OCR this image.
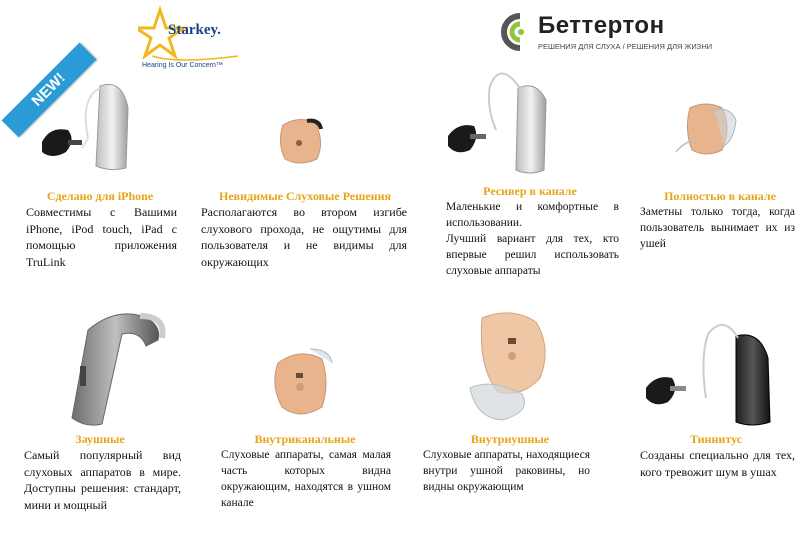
Starkey.
Hearing Is Our Concern™
Беттертон
РЕШЕНИЯ ДЛЯ СЛУХА / РЕШЕНИЯ ДЛЯ ЖИЗНИ
NEW!
Сделано для iPhone
Совместимы с Вашими iPhone, iPod touch, iPad с помощью приложения TruLink
Невидимые Слуховые Решения
Располагаются во втором изгибе слухового прохода, не ощутимы для пользователя и не видимы для окружающих
Ресивер в канале
Маленькие и комфортные в использовании.
Лучший вариант для тех, кто впервые решил использовать слуховые аппараты
Полностью в канале
Заметны только тогда, когда пользователь вынимает их из ушей
Заушные
Самый популярный вид слуховых аппаратов в мире. Доступны решения: стандарт, мини и мощный
Внутриканальные
Слуховые аппараты, самая малая часть которых видна окружающим, находятся в ушном канале
Внутриушные
Слуховые аппараты, находящиеся внутри ушной раковины, но видны окружающим
Тиннитус
Созданы специально для тех, кого тревожит шум в ушах
